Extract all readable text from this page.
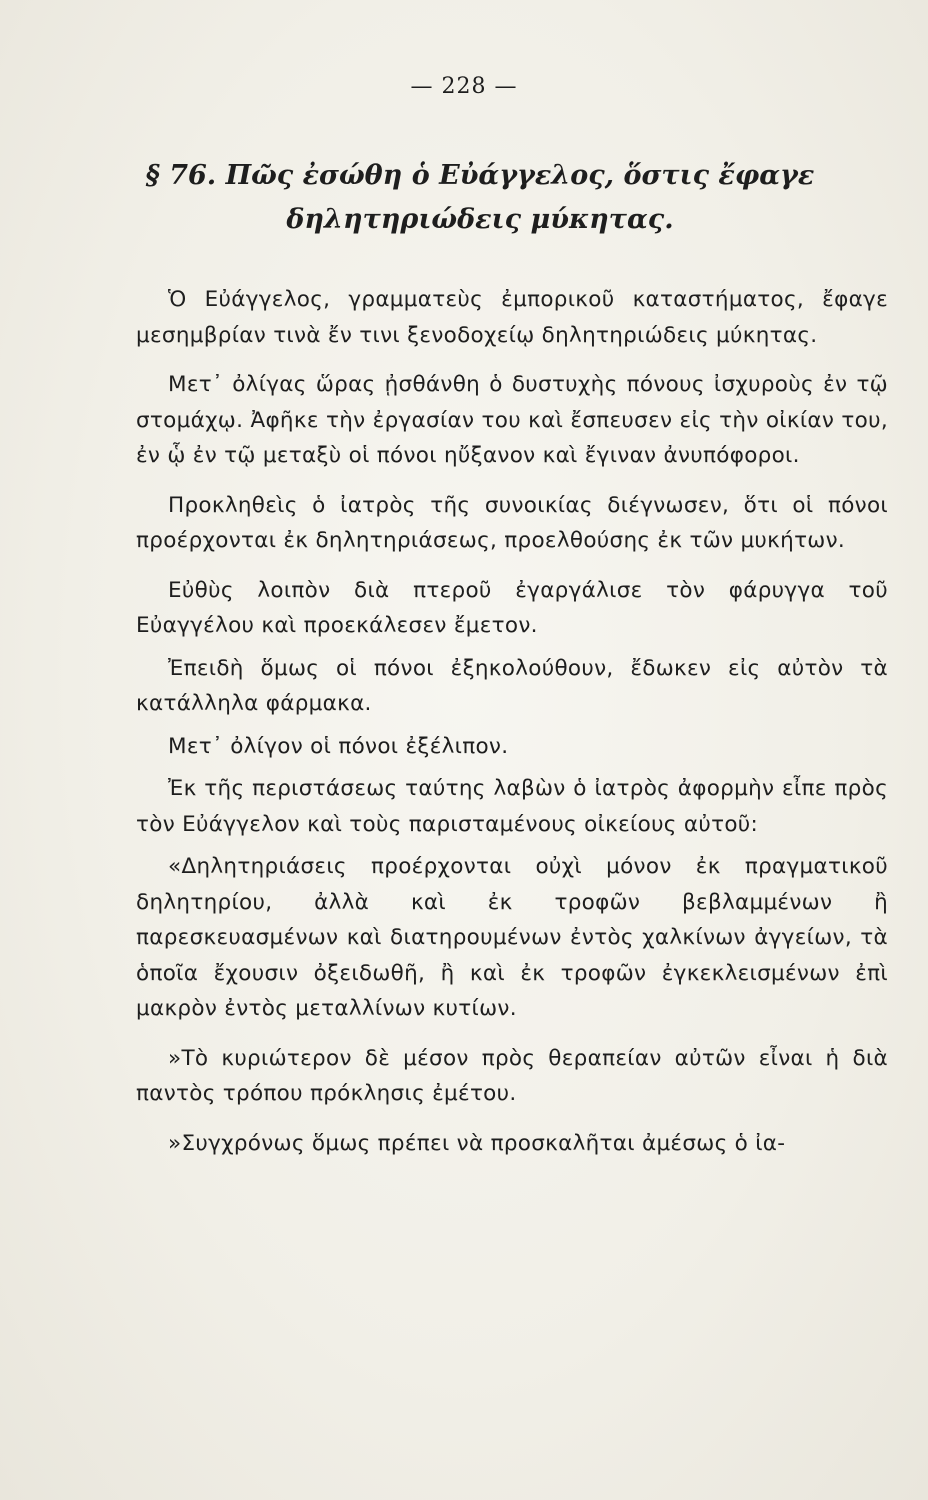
— 228 —
§ 76. Πῶς ἐσώθη ὁ Εὐάγγελος, ὅστις ἔφαγε
δηλητηριώδεις μύκητας.

Ὁ Εὐάγγελος, γραμματεὺς ἐμπορικοῦ καταστήματος, ἔφαγε μεσημβρίαν τινὰ ἔν τινι ξενοδοχείῳ δηλητηριώδεις μύκητας.

Μετ᾽ ὀλίγας ὥρας ᾐσθάνθη ὁ δυστυχὴς πόνους ἰσχυροὺς ἐν τῷ στομάχῳ. Ἀφῆκε τὴν ἐργασίαν του καὶ ἔσπευσεν εἰς τὴν οἰκίαν του, ἐν ᾧ ἐν τῷ μεταξὺ οἱ πόνοι ηὔξανον καὶ ἔγιναν ἀνυπόφοροι.

Προκληθεὶς ὁ ἰατρὸς τῆς συνοικίας διέγνωσεν, ὅτι οἱ πόνοι προέρχονται ἐκ δηλητηριάσεως, προελθούσης ἐκ τῶν μυκήτων.

Εὐθὺς λοιπὸν διὰ πτεροῦ ἐγαργάλισε τὸν φάρυγγα τοῦ Εὐαγγέλου καὶ προεκάλεσεν ἔμετον.

Ἐπειδὴ ὅμως οἱ πόνοι ἐξηκολούθουν, ἔδωκεν εἰς αὐτὸν τὰ κατάλληλα φάρμακα.

Μετ᾽ ὀλίγον οἱ πόνοι ἐξέλιπον.

Ἐκ τῆς περιστάσεως ταύτης λαβὼν ὁ ἰατρὸς ἀφορμὴν εἶπε πρὸς τὸν Εὐάγγελον καὶ τοὺς παρισταμένους οἰκείους αὐτοῦ:

«Δηλητηριάσεις προέρχονται οὐχὶ μόνον ἐκ πραγματικοῦ δηλητηρίου, ἀλλὰ καὶ ἐκ τροφῶν βεβλαμμένων ἢ παρεσκευασμένων καὶ διατηρουμένων ἐντὸς χαλκίνων ἀγγείων, τὰ ὁποῖα ἔχουσιν ὀξειδωθῆ, ἢ καὶ ἐκ τροφῶν ἐγκεκλεισμένων ἐπὶ μακρὸν ἐντὸς μεταλλίνων κυτίων.

»Τὸ κυριώτερον δὲ μέσον πρὸς θεραπείαν αὐτῶν εἶναι ἡ διὰ παντὸς τρόπου πρόκλησις ἐμέτου.

»Συγχρόνως ὅμως πρέπει νὰ προσκαλῆται ἀμέσως ὁ ἰα-
